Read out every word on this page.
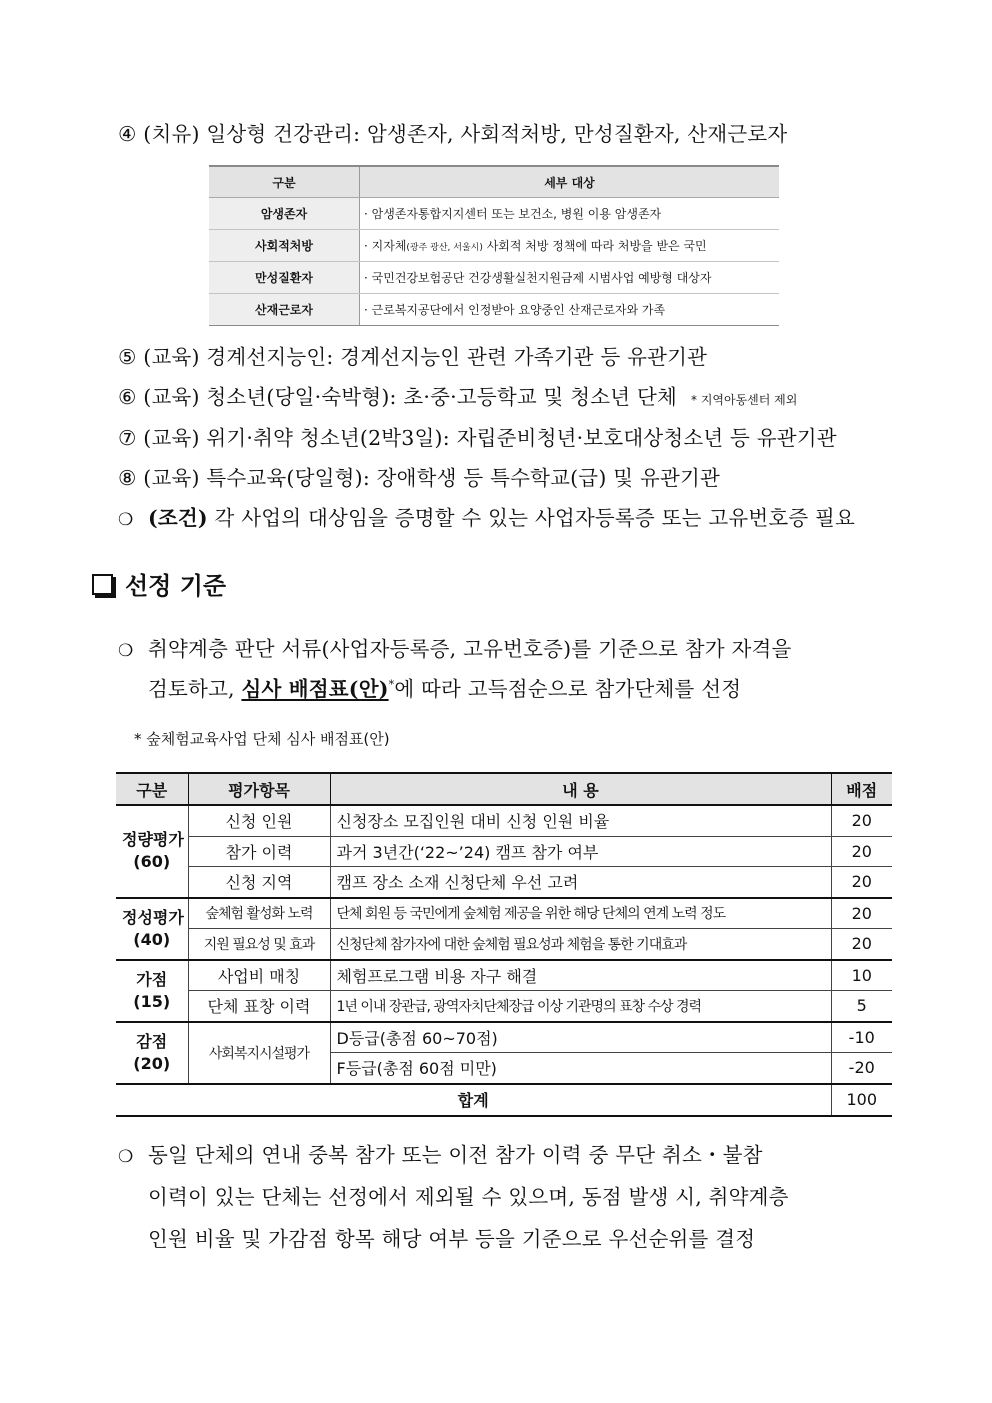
④ (치유) 일상형 건강관리: 암생존자, 사회적처방, 만성질환자, 산재근로자
구분	세부 대상
암생존자	· 암생존자통합지지센터 또는 보건소, 병원 이용 암생존자
사회적처방	· 지자체(광주 광산, 서울시) 사회적 처방 정책에 따라 처방을 받은 국민
만성질환자	· 국민건강보험공단 건강생활실천지원금제 시범사업 예방형 대상자
산재근로자	· 근로복지공단에서 인정받아 요양중인 산재근로자와 가족
⑤ (교육) 경계선지능인: 경계선지능인 관련 가족기관 등 유관기관
⑥ (교육) 청소년(당일·숙박형): 초·중·고등학교 및 청소년 단체 * 지역아동센터 제외
⑦ (교육) 위기·취약 청소년(2박3일): 자립준비청년·보호대상청소년 등 유관기관
⑧ (교육) 특수교육(당일형): 장애학생 등 특수학교(급) 및 유관기관
❍ (조건) 각 사업의 대상임을 증명할 수 있는 사업자등록증 또는 고유번호증 필요
선정 기준
❍ 취약계층 판단 서류(사업자등록증, 고유번호증)를 기준으로 참가 자격을
검토하고, 심사 배점표(안)*에 따라 고득점순으로 참가단체를 선정
* 숲체험교육사업 단체 심사 배점표(안)
구분	평가항목	내 용	배점

정량평가
(60)	신청 인원	신청장소 모집인원 대비 신청 인원 비율	20
	참가 이력	과거 3년간(‘22~’24) 캠프 참가 여부	20
	신청 지역	캠프 장소 소재 신청단체 우선 고려	20

정성평가
(40)	숲체험 활성화 노력	단체 회원 등 국민에게 숲체험 제공을 위한 해당 단체의 연계 노력 정도	20
	지원 필요성 및 효과	신청단체 참가자에 대한 숲체험 필요성과 체험을 통한 기대효과	20

가점
(15)	사업비 매칭	체험프로그램 비용 자구 해결	10
	단체 표창 이력	1년 이내 장관급, 광역자치단체장급 이상 기관명의 표창 수상 경력	5

감점
(20)	사회복지시설평가	D등급(총점 60~70점)	-10
		F등급(총점 60점 미만)	-20
합계			100
❍ 동일 단체의 연내 중복 참가 또는 이전 참가 이력 중 무단 취소・불참
이력이 있는 단체는 선정에서 제외될 수 있으며, 동점 발생 시, 취약계층
인원 비율 및 가감점 항목 해당 여부 등을 기준으로 우선순위를 결정
